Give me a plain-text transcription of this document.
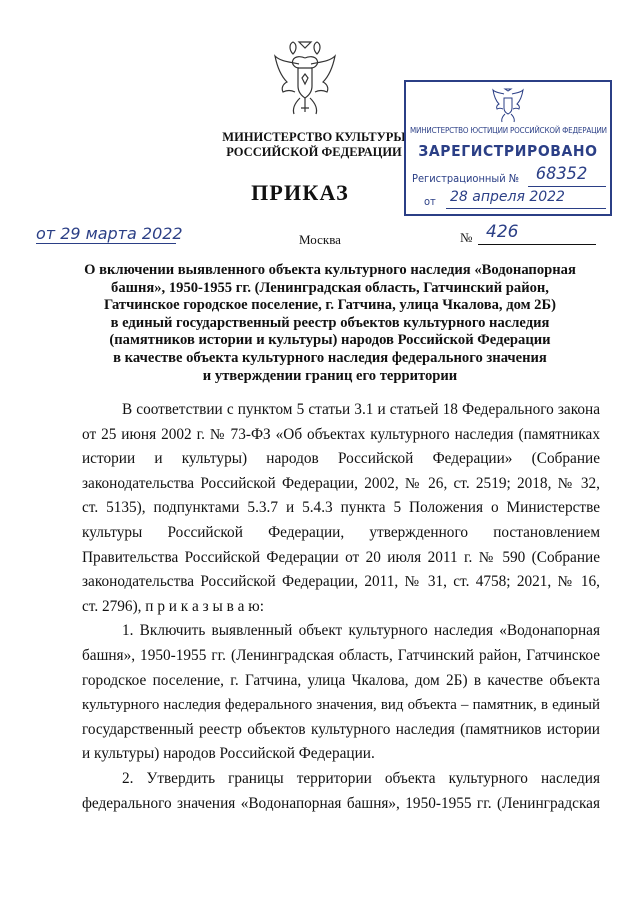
МИНИСТЕРСТВО КУЛЬТУРЫ
РОССИЙСКОЙ ФЕДЕРАЦИИ
МИНИСТЕРСТВО ЮСТИЦИИ РОССИЙСКОЙ ФЕДЕРАЦИИ
ЗАРЕГИСТРИРОВАНО
Регистрационный № 68352
от 28 апреля 2022
ПРИКАЗ
от 29 марта 2022	Москва	№ 426
О включении выявленного объекта культурного наследия «Водонапорная
башня», 1950-1955 гг. (Ленинградская область, Гатчинский район,
Гатчинское городское поселение, г. Гатчина, улица Чкалова, дом 2Б)
в единый государственный реестр объектов культурного наследия
(памятников истории и культуры) народов Российской Федерации
в качестве объекта культурного наследия федерального значения
и утверждении границ его территории
В соответствии с пунктом 5 статьи 3.1 и статьей 18 Федерального закона
от 25 июня 2002 г. № 73-ФЗ «Об объектах культурного наследия (памятниках
истории и культуры) народов Российской Федерации» (Собрание
законодательства Российской Федерации, 2002, № 26, ст. 2519; 2018, № 32,
ст. 5135), подпунктами 5.3.7 и 5.4.3 пункта 5 Положения о Министерстве
культуры Российской Федерации, утвержденного постановлением
Правительства Российской Федерации от 20 июля 2011 г. № 590 (Собрание
законодательства Российской Федерации, 2011, № 31, ст. 4758; 2021, № 16,
ст. 2796), п р и к а з ы в а ю:
1. Включить выявленный объект культурного наследия «Водонапорная
башня», 1950-1955 гг. (Ленинградская область, Гатчинский район, Гатчинское
городское поселение, г. Гатчина, улица Чкалова, дом 2Б) в качестве объекта
культурного наследия федерального значения, вид объекта – памятник, в единый
государственный реестр объектов культурного наследия (памятников истории
и культуры) народов Российской Федерации.
2. Утвердить границы территории объекта культурного наследия
федерального значения «Водонапорная башня», 1950-1955 гг. (Ленинградская
